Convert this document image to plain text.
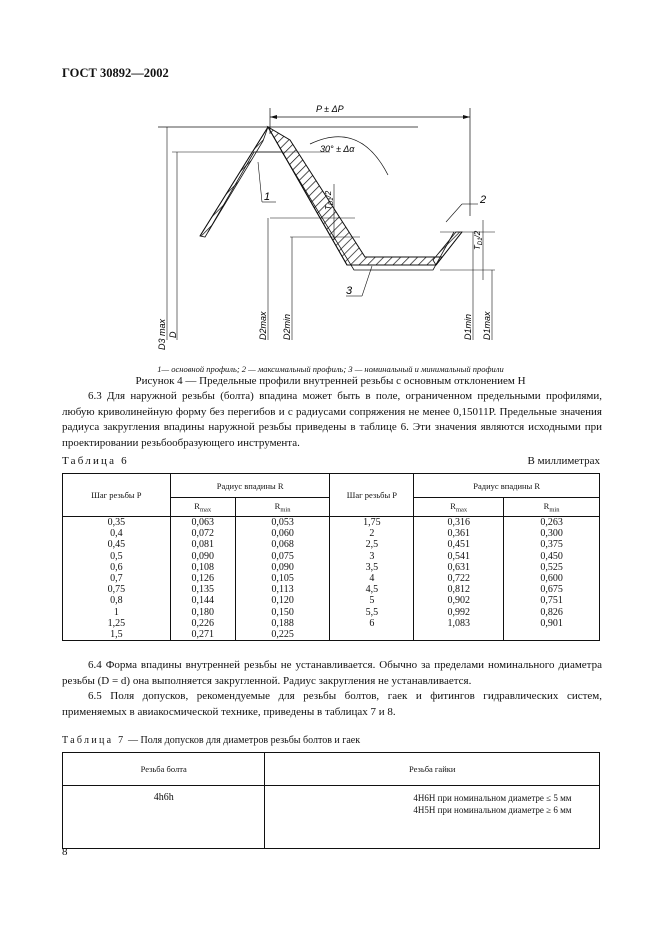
ГОСТ 30892—2002
P ± ΔP
30° ± Δα
$T_{D1}/2$
$T_{D1}/2$
1	2
3
D3 max D	D2max D2min	D1min D1max
1— основной профиль; 2 — максимальный профиль; 3 — номинальный и минимальный профили
Рисунок 4 — Предельные профили внутренней резьбы с основным отклонением Н

6.3 Для наружной резьбы (болта) впадина может быть в поле, ограниченном предельными профилями, любую криволинейную форму без перегибов и с радиусами сопряжения не менее 0,15011P. Предельные значения радиуса закругления впадины наружной резьбы приведены в таблице 6. Эти значения являются исходными при проектировании резьбообразующего инструмента.

Таблица 6	В миллиметрах
Шаг резьбы P	Радиус впадины R		Шаг резьбы P	Радиус впадины R	
	$R_{max}$	$R_{min}$		$R_{max}$	$R_{min}$
0,35	0,063	0,053	1,75	0,316	0,263
0,4	0,072	0,060	2	0,361	0,300
0,45	0,081	0,068	2,5	0,451	0,375
0,5	0,090	0,075	3	0,541	0,450
0,6	0,108	0,090	3,5	0,631	0,525
0,7	0,126	0,105	4	0,722	0,600
0,75	0,135	0,113	4,5	0,812	0,675
0,8	0,144	0,120	5	0,902	0,751
1	0,180	0,150	5,5	0,992	0,826
1,25	0,226	0,188	6	1,083	0,901
1,5	0,271	0,225			

6.4 Форма впадины внутренней резьбы не устанавливается. Обычно за пределами номинального диаметра резьбы (D = d) она выполняется закругленной. Радиус закругления не устанавливается.

6.5 Поля допусков, рекомендуемые для резьбы болтов, гаек и фитингов гидравлических систем, применяемых в авиакосмической технике, приведены в таблицах 7 и 8.

Таблица 7 — Поля допусков для диаметров резьбы болтов и гаек
Резьба болта	Резьба гайки
4h6h	4H6H при номинальном диаметре ≤ 5 мм
4H5H при номинальном диаметре ≥ 6 мм
8
